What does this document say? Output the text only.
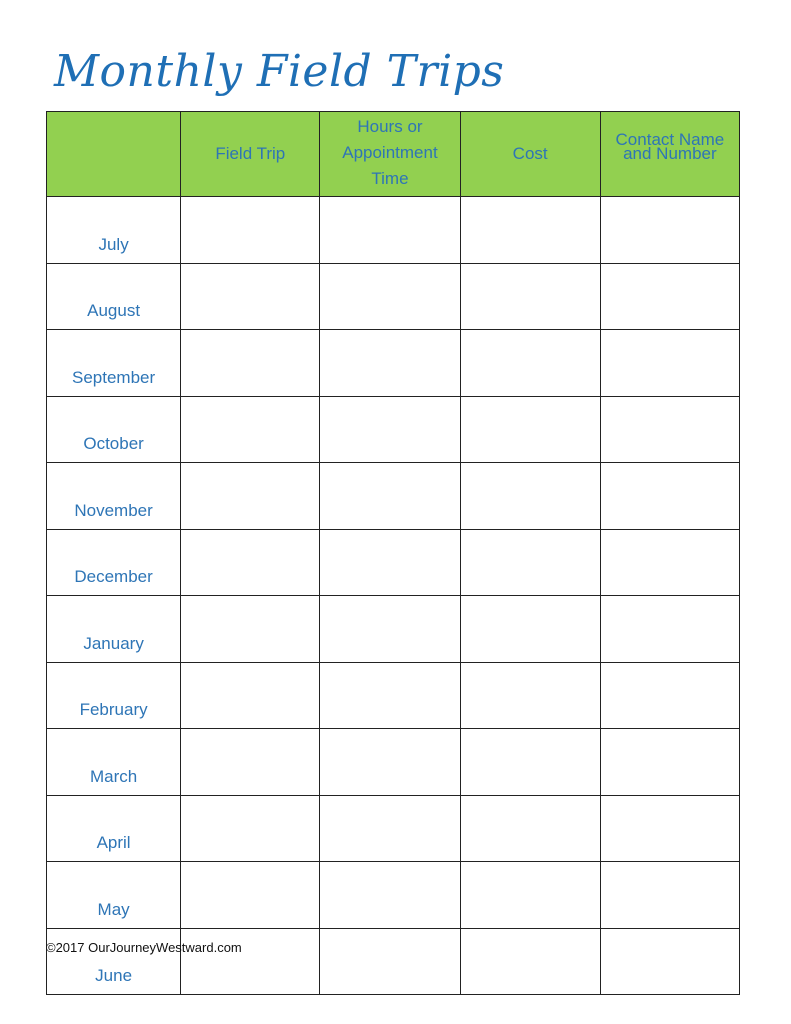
Monthly Field Trips
	Field Trip	Hours or
Appointment
Time	Cost	Contact Name
and Number

July				
August				
September				
October				
November				
December				
January				
February				
March				
April				
May				
June				
©2017 OurJourneyWestward.com
